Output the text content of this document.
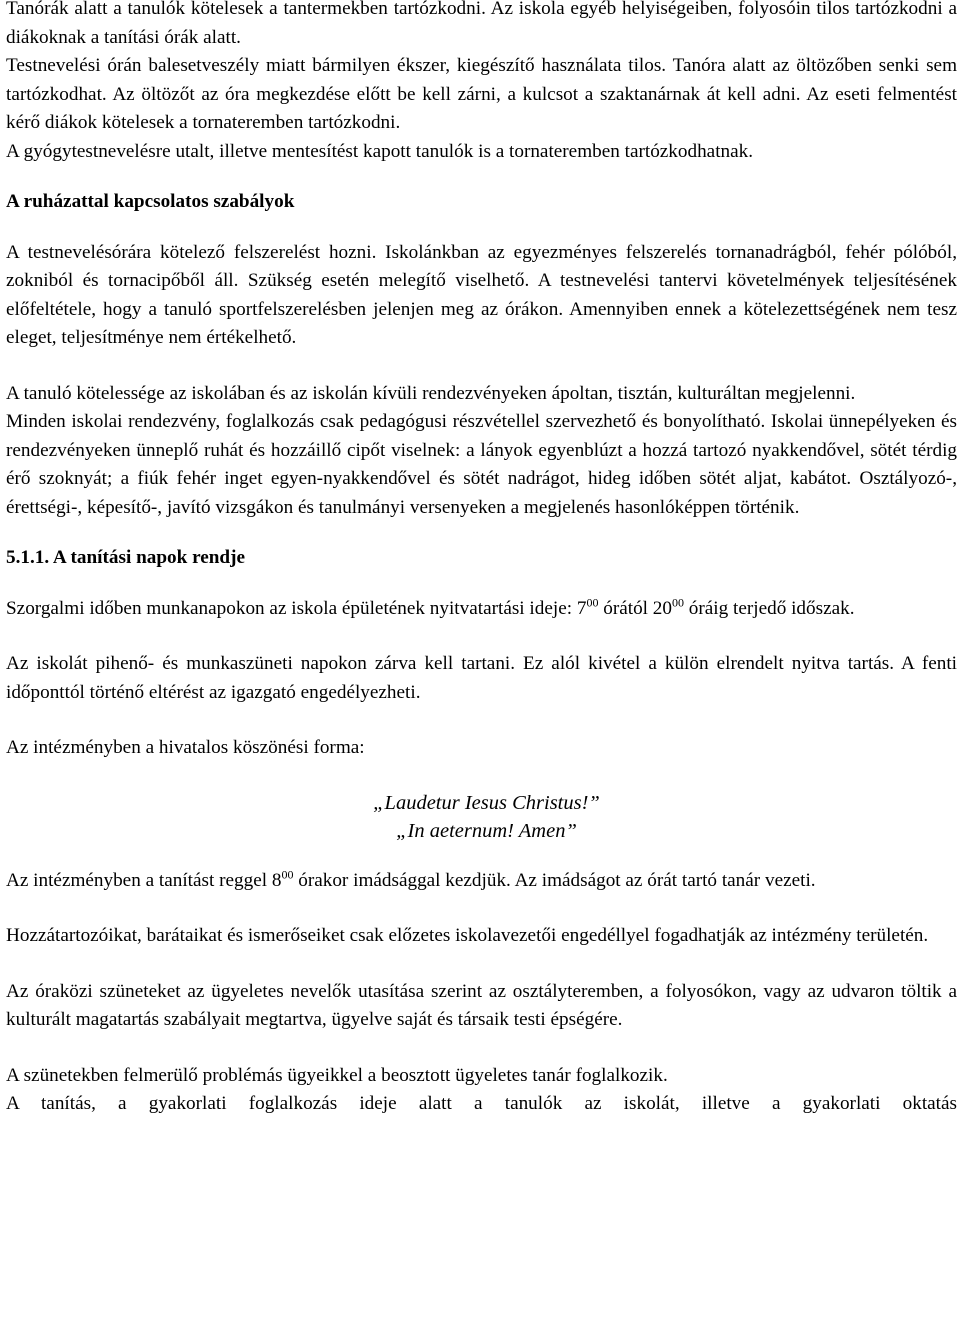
Tanórák alatt a tanulók kötelesek a tantermekben tartózkodni. Az iskola egyéb helyiségeiben, folyosóin tilos tartózkodni a diákoknak a tanítási órák alatt.

Testnevelési órán balesetveszély miatt bármilyen ékszer, kiegészítő használata tilos. Tanóra alatt az öltözőben senki sem tartózkodhat. Az öltözőt az óra megkezdése előtt be kell zárni, a kulcsot a szaktanárnak át kell adni. Az eseti felmentést kérő diákok kötelesek a tornateremben tartózkodni.

A gyógytestnevelésre utalt, illetve mentesítést kapott tanulók is a tornateremben tartózkodhatnak.

A ruházattal kapcsolatos szabályok

A testnevelésórára kötelező felszerelést hozni. Iskolánkban az egyezményes felszerelés tornanadrágból, fehér pólóból, zokniból és tornacipőből áll. Szükség esetén melegítő viselhető. A testnevelési tantervi követelmények teljesítésének előfeltétele, hogy a tanuló sportfelszerelésben jelenjen meg az órákon. Amennyiben ennek a kötelezettségének nem tesz eleget, teljesítménye nem értékelhető.

A tanuló kötelessége az iskolában és az iskolán kívüli rendezvényeken ápoltan, tisztán, kulturáltan megjelenni.

Minden iskolai rendezvény, foglalkozás csak pedagógusi részvétellel szervezhető és bonyolítható. Iskolai ünnepélyeken és rendezvényeken ünneplő ruhát és hozzáillő cipőt viselnek: a lányok egyenblúzt a hozzá tartozó nyakkendővel, sötét térdig érő szoknyát; a fiúk fehér inget egyen-nyakkendővel és sötét nadrágot, hideg időben sötét aljat, kabátot. Osztályozó-, érettségi-, képesítő-, javító vizsgákon és tanulmányi versenyeken a megjelenés hasonlóképpen történik.

5.1.1. A tanítási napok rendje

Szorgalmi időben munkanapokon az iskola épületének nyitvatartási ideje: $7^{00}$ órától $20^{00}$ óráig terjedő időszak.

Az iskolát pihenő- és munkaszüneti napokon zárva kell tartani. Ez alól kivétel a külön elrendelt nyitva tartás. A fenti időponttól történő eltérést az igazgató engedélyezheti.

Az intézményben a hivatalos köszönési forma:

„Laudetur Iesus Christus!”
„In aeternum! Amen”

Az intézményben a tanítást reggel $8^{00}$ órakor imádsággal kezdjük. Az imádságot az órát tartó tanár vezeti.

Hozzátartozóikat, barátaikat és ismerőseiket csak előzetes iskolavezetői engedéllyel fogadhatják az intézmény területén.

Az óraközi szüneteket az ügyeletes nevelők utasítása szerint az osztályteremben, a folyosókon, vagy az udvaron töltik a kulturált magatartás szabályait megtartva, ügyelve saját és társaik testi épségére.

A szünetekben felmerülő problémás ügyeikkel a beosztott ügyeletes tanár foglalkozik.

A tanítás, a gyakorlati foglalkozás ideje alatt a tanulók az iskolát, illetve a gyakorlati oktatás
